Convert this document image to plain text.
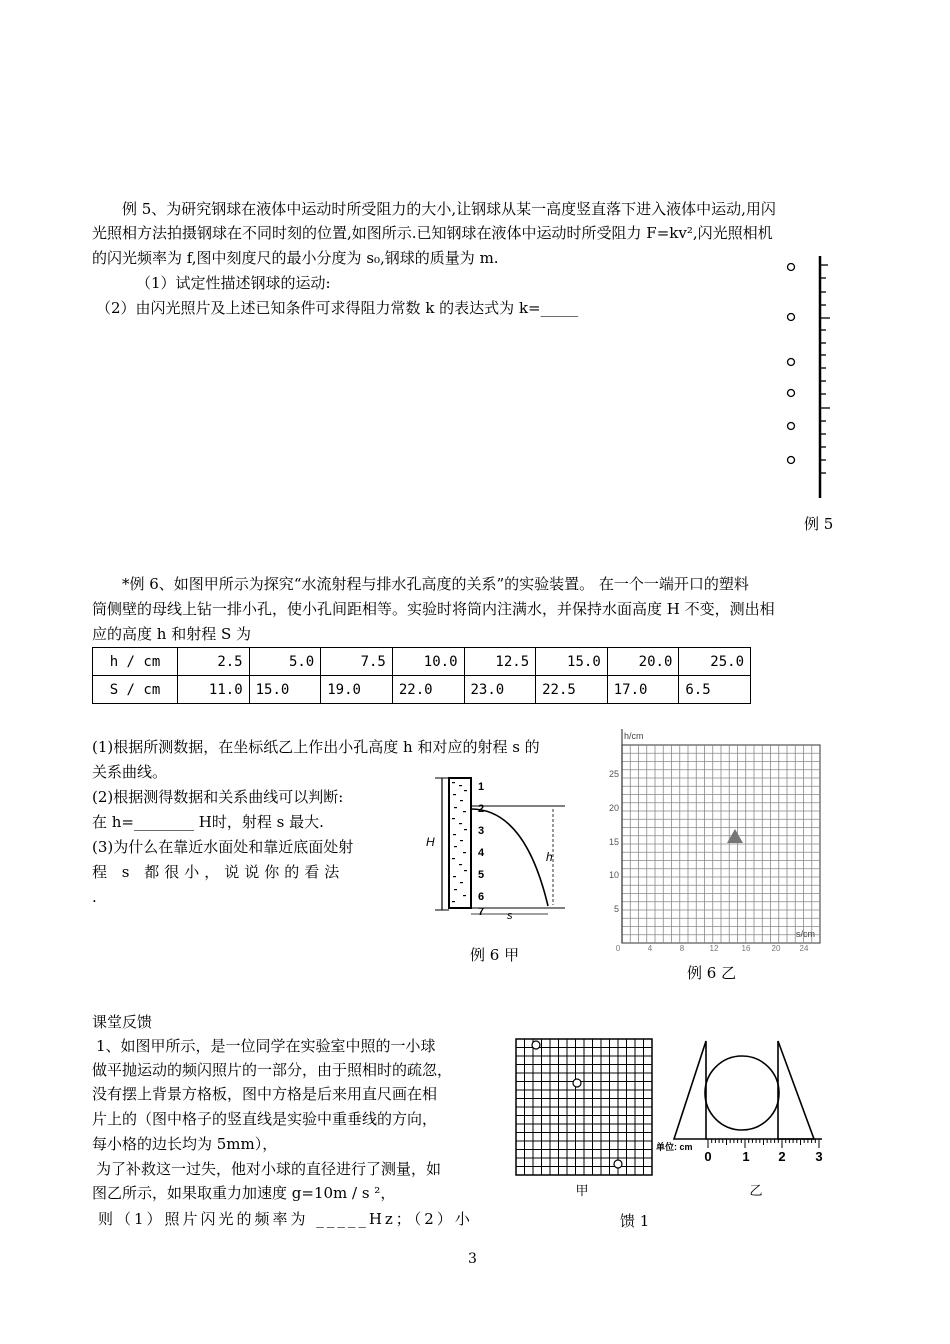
例 5、为研究钢球在液体中运动时所受阻力的大小,让钢球从某一高度竖直落下进入液体中运动,用闪
光照相方法拍摄钢球在不同时刻的位置,如图所示.已知钢球在液体中运动时所受阻力 F=kv²,闪光照相机
的闪光频率为 f,图中刻度尺的最小分度为 s₀,钢球的质量为 m.
（1）试定性描述钢球的运动:
（2）由闪光照片及上述已知条件可求得阻力常数 k 的表达式为 k=_____
例 5
*例 6、如图甲所示为探究“水流射程与排水孔高度的关系”的实验装置。 在一个一端开口的塑料
筒侧壁的母线上钻一排小孔，使小孔间距相等。实验时将筒内注满水，并保持水面高度 H 不变，测出相
应的高度 h 和射程 S 为
h / cm	2.5	5.0	7.5	10.0	12.5	15.0	20.0	25.0
S / cm	11.0	15.0	19.0	22.0	23.0	22.5	17.0	6.5
(1)根据所测数据，在坐标纸乙上作出小孔高度 h 和对应的射程 s 的
关系曲线。
(2)根据测得数据和关系曲线可以判断:
在 h=________ H时，射程 s 最大.
(3)为什么在靠近水面处和靠近底面处射
程 s 都很小，说说你的看法
.
H
1
2
3
4
5
6
7
h
s
例 6 甲
h/cm
s/cm
25
20
15
10
5
0	4	8	12	16	20 24
例 6 乙
课堂反馈
1、如图甲所示，是一位同学在实验室中照的一小球
做平抛运动的频闪照片的一部分，由于照相时的疏忽，
没有摆上背景方格板，图中方格是后来用直尺画在相
片上的（图中格子的竖直线是实验中重垂线的方向，
每小格的边长均为 5mm），
为了补救这一过失，他对小球的直径进行了测量，如
图乙所示，如果取重力加速度 g=10m / s ²，
则（1）照片闪光的频率为 _____Hz；（2）小
甲
单位: cm
0 1 2 3
乙
馈 1
3
